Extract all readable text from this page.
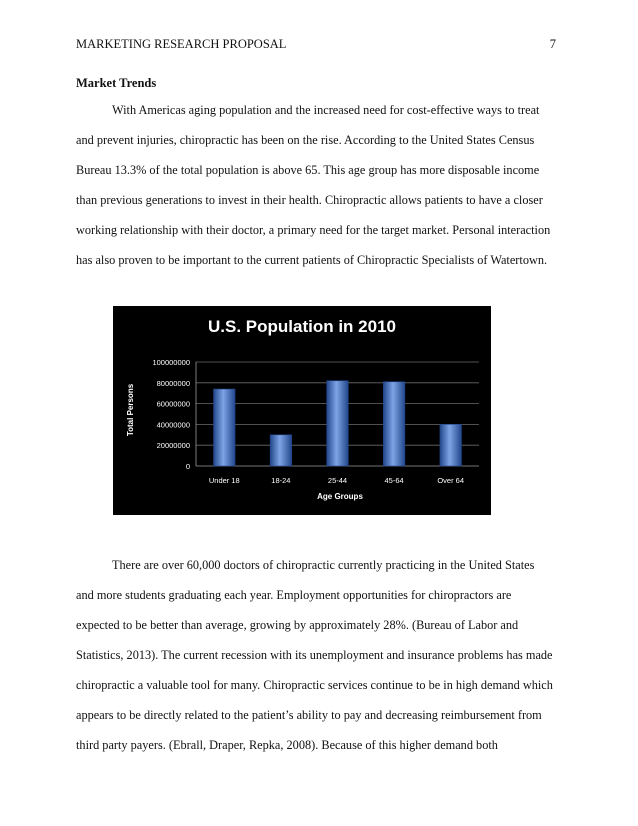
MARKETING RESEARCH PROPOSAL	7
Market Trends
With Americas aging population and the increased need for cost-effective ways to treat
and prevent injuries, chiropractic has been on the rise. According to the United States Census
Bureau 13.3% of the total population is above 65. This age group has more disposable income
than previous generations to invest in their health. Chiropractic allows patients to have a closer
working relationship with their doctor, a primary need for the target market. Personal interaction
has also proven to be important to the current patients of Chiropractic Specialists of Watertown.
U.S. Population in 2010
0
20000000
40000000
60000000
80000000
100000000
Under 18	18-24	25-44	45-64	Over 64
Age Groups
Total Persons
There are over 60,000 doctors of chiropractic currently practicing in the United States
and more students graduating each year. Employment opportunities for chiropractors are
expected to be better than average, growing by approximately 28%. (Bureau of Labor and
Statistics, 2013). The current recession with its unemployment and insurance problems has made
chiropractic a valuable tool for many. Chiropractic services continue to be in high demand which
appears to be directly related to the patient’s ability to pay and decreasing reimbursement from
third party payers. (Ebrall, Draper, Repka, 2008). Because of this higher demand both
